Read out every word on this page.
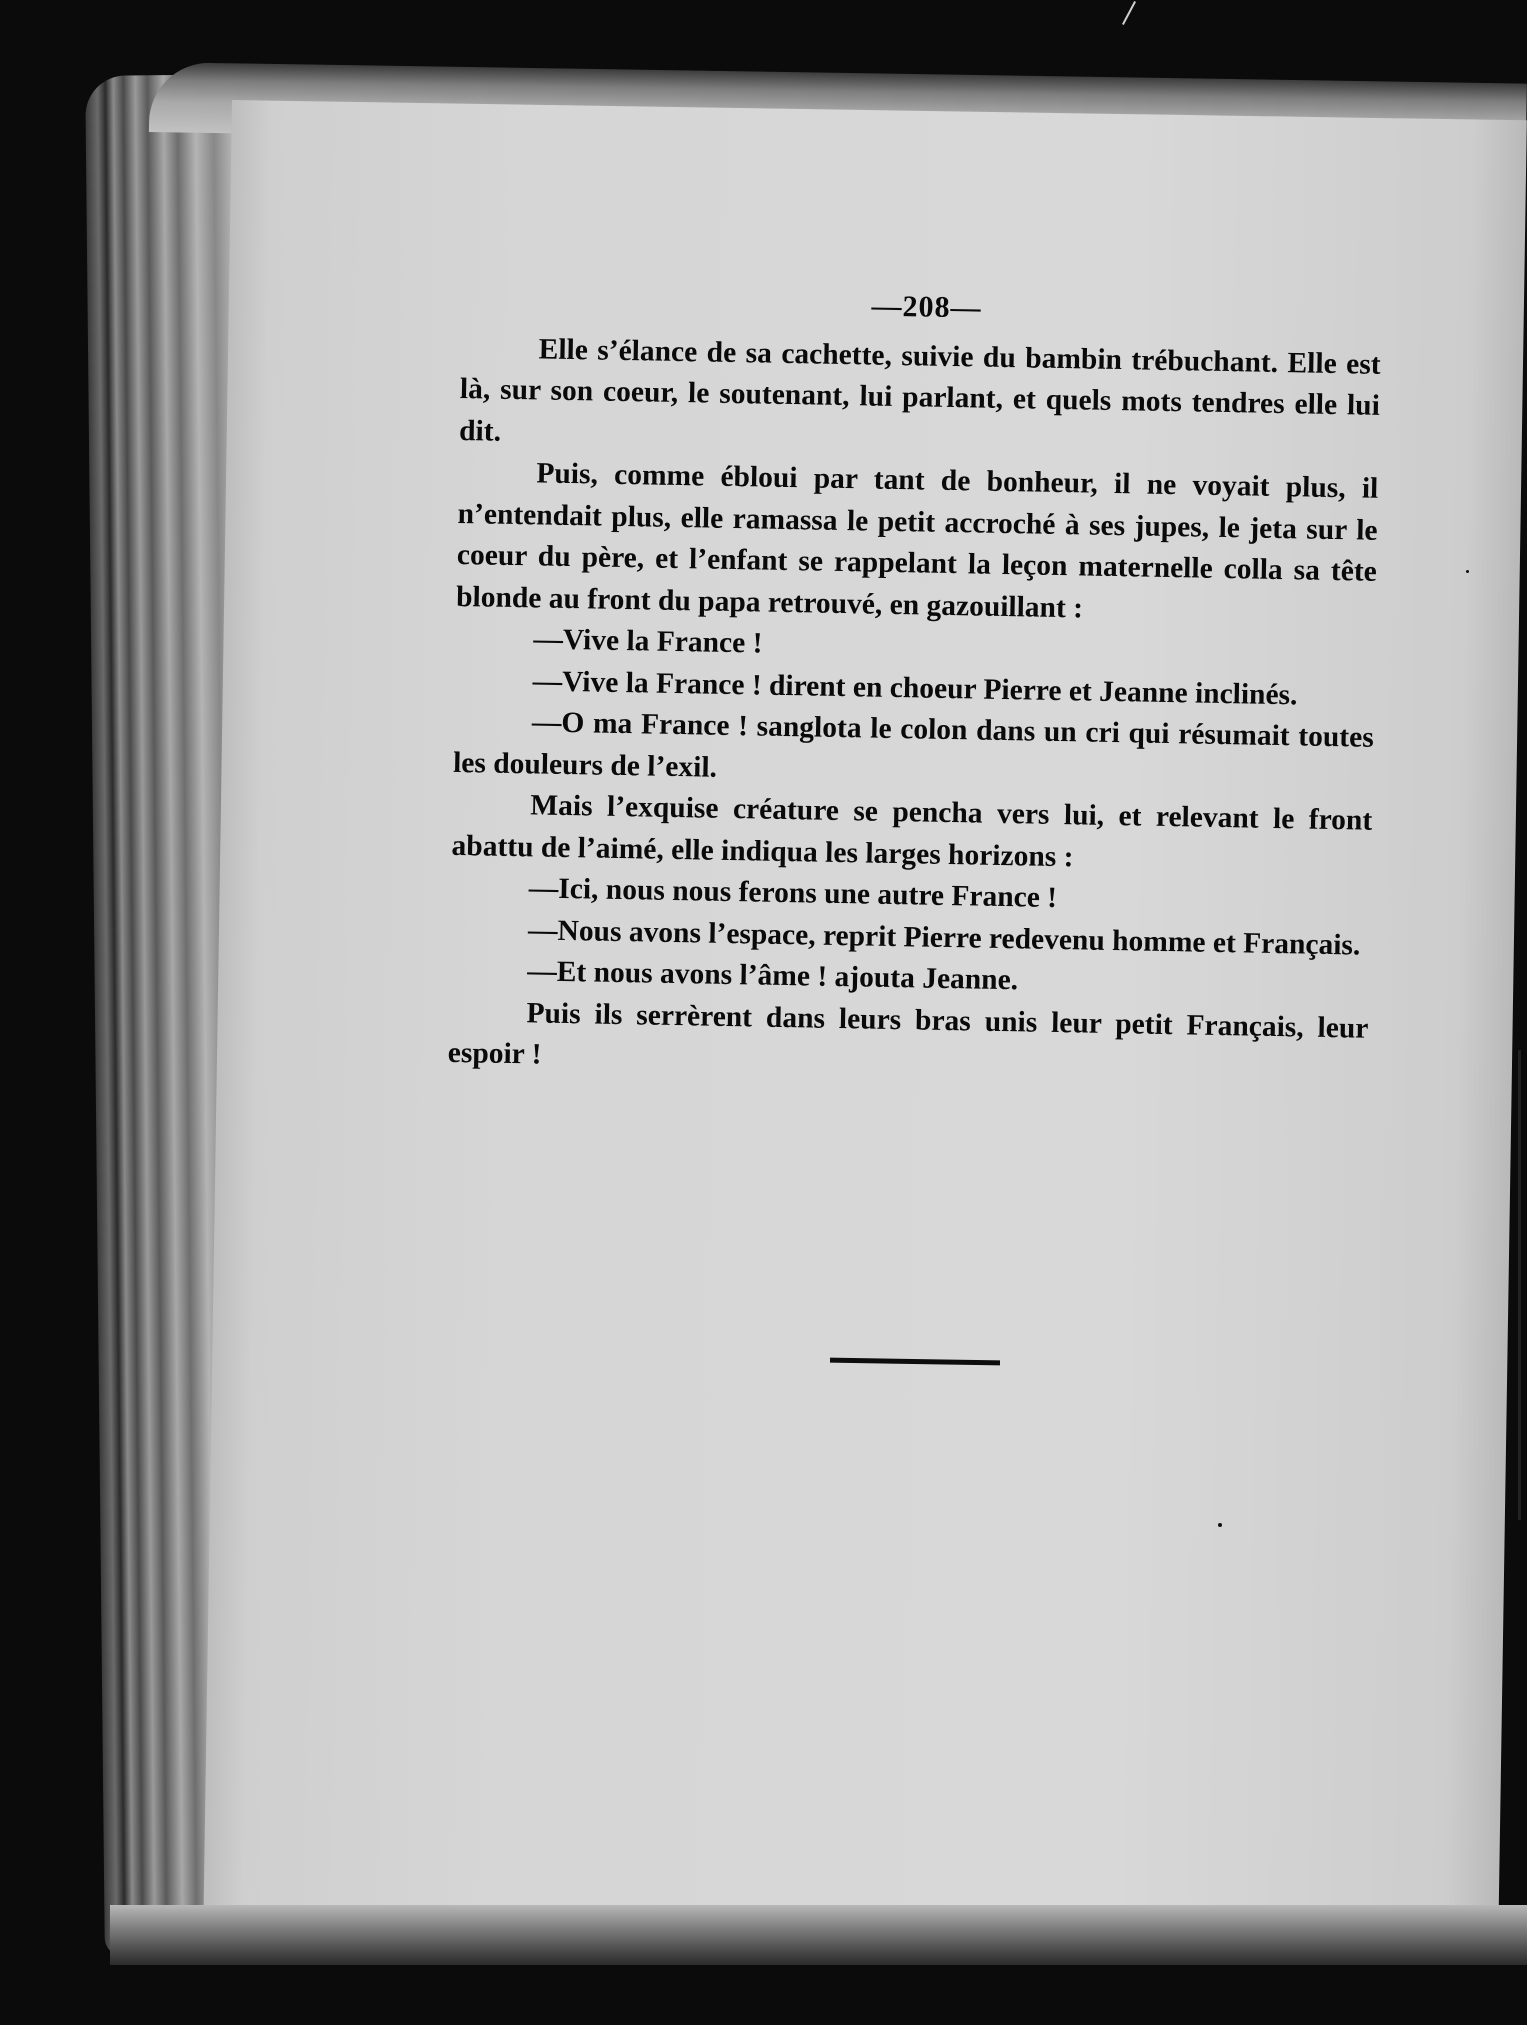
—208—

Elle s’élance de sa cachette, suivie du bambin trébuchant. Elle est là, sur son coeur, le soutenant, lui parlant, et quels mots tendres elle lui dit.

Puis, comme ébloui par tant de bonheur, il ne voyait plus, il n’entendait plus, elle ramassa le petit accroché à ses jupes, le jeta sur le coeur du père, et l’enfant se rappelant la leçon maternelle colla sa tête blonde au front du papa retrouvé, en gazouillant :

—Vive la France !

—Vive la France ! dirent en choeur Pierre et Jeanne inclinés.

—O ma France ! sanglota le colon dans un cri qui résumait toutes les douleurs de l’exil.

Mais l’exquise créature se pencha vers lui, et relevant le front abattu de l’aimé, elle indiqua les larges horizons :

—Ici, nous nous ferons une autre France !

—Nous avons l’espace, reprit Pierre redevenu homme et Français.

—Et nous avons l’âme ! ajouta Jeanne.

Puis ils serrèrent dans leurs bras unis leur petit Français, leur espoir !
